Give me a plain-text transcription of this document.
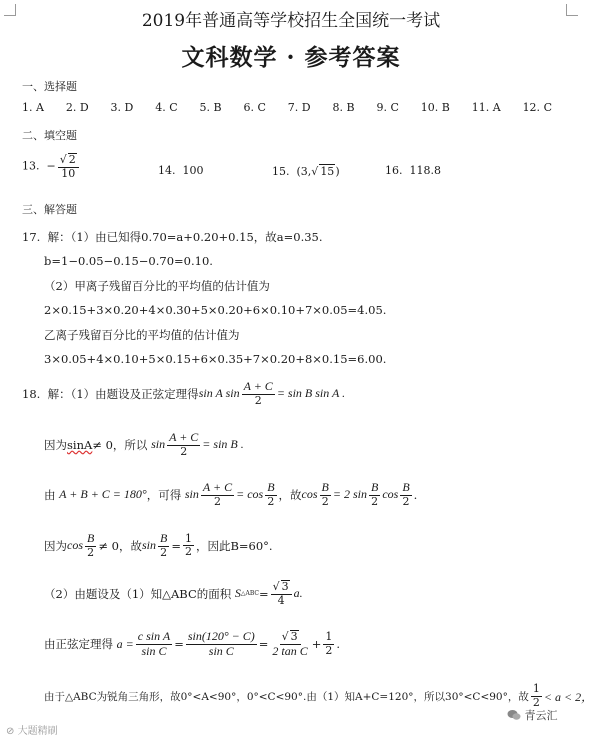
2019年普通高等学校招生全国统一考试
文科数学 · 参考答案
一、选择题
1. A 2. D 3. D 4. C 5. B 6. C 7. D 8. B 9. C 10. B 11. A 12. C
二、填空题
13. − $\frac{√ 2}{10}$	14. 100	15. (3,√ 15)	16. 118.8
三、解答题
17. 解：（1）由已知得0.70=a+0.20+0.15，故a=0.35.
b=1−0.05−0.15−0.70=0.10.
（2）甲离子残留百分比的平均值的估计值为
2×0.15+3×0.20+4×0.30+5×0.20+6×0.10+7×0.05=4.05.
乙离子残留百分比的平均值的估计值为
3×0.05+4×0.10+5×0.15+6×0.35+7×0.20+8×0.15=6.00.
18.
解：（1）由题设及正弦定理得 sin A $\sin \frac{A + C}{2} = \sin B$ sin A .
因为 sinA ≠ 0，所以
$\sin \frac{A + C}{2} = \sin B$ .
由
A + B + C = 180° ，可得
$\sin \frac{A + C}{2} = \cos \frac{B}{2}$ ，故 $\cos \frac{B}{2} = 2$ $\sin \frac{B}{2}$ $\cos \frac{B}{2}$ .
因为 $\cos \frac{B}{2} \ne 0$，故 $\sin \frac{B}{2} = \frac{1}{2}$ ，因此B=60°.
（2）由题设及（1）知△ABC的面积
S △ABC = $\frac{√ 3}{4} a$.
由正弦定理得
$a = \frac{\text{c sin A}}{\text{sin C}} = \frac{\sin(120^\circ - C)}{\text{sin C}} = \frac{√ 3}{\text{2 tan C}} + \frac{1}{2}$ .
由于△ABC为锐角三角形，故0°<A<90°，0°<C<90°.由（1）知A+C=120°，所以30°<C<90°，故 $\frac{1}{2} < a < 2$，
⊘ 大题精刷

青云汇
